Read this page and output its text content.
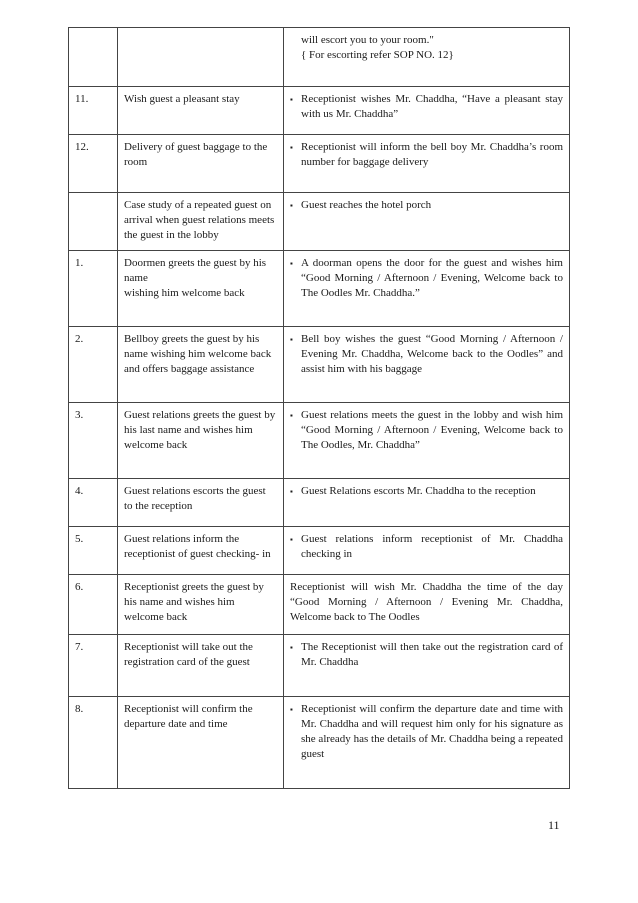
		will escort you to your room."

{ For escorting refer SOP NO. 12}

11.	Wish guest a pleasant stay	▪ Receptionist wishes Mr. Chaddha, “Have a pleasant stay with us Mr. Chaddha”

12.	Delivery of guest baggage to the room	▪ Receptionist will inform the bell boy Mr. Chaddha’s room number for baggage delivery

	Case study of a repeated guest on arrival when guest relations meets the guest in the lobby	▪ Guest reaches the hotel porch

1.	Doormen greets the guest by his name
wishing him welcome back	▪ A doorman opens the door for the guest and wishes him “Good Morning / Afternoon / Evening, Welcome back to The Oodles Mr. Chaddha.”

2.	Bellboy greets the guest by his name wishing him welcome back and offers baggage assistance	▪ Bell boy wishes the guest “Good Morning / Afternoon / Evening Mr. Chaddha, Welcome back to the Oodles” and assist him with his baggage

3.	Guest relations greets the guest by his last name and wishes him welcome back	▪ Guest relations meets the guest in the lobby and wish him “Good Morning / Afternoon / Evening, Welcome back to The Oodles, Mr. Chaddha”

4.	Guest relations escorts the guest to the reception	▪ Guest Relations escorts Mr. Chaddha to the reception

5.	Guest relations inform the receptionist of guest checking- in	▪ Guest relations inform receptionist of Mr. Chaddha checking in

6.	Receptionist greets the guest by his name and wishes him welcome back	Receptionist will wish Mr. Chaddha the time of the day “Good Morning / Afternoon / Evening Mr. Chaddha, Welcome back to The Oodles

7.	Receptionist will take out the registration card of the guest	▪ The Receptionist will then take out the registration card of Mr. Chaddha

8.	Receptionist will confirm the departure date and time	▪ Receptionist will confirm the departure date and time with Mr. Chaddha and will request him only for his signature as she already has the details of Mr. Chaddha being a repeated guest
11
